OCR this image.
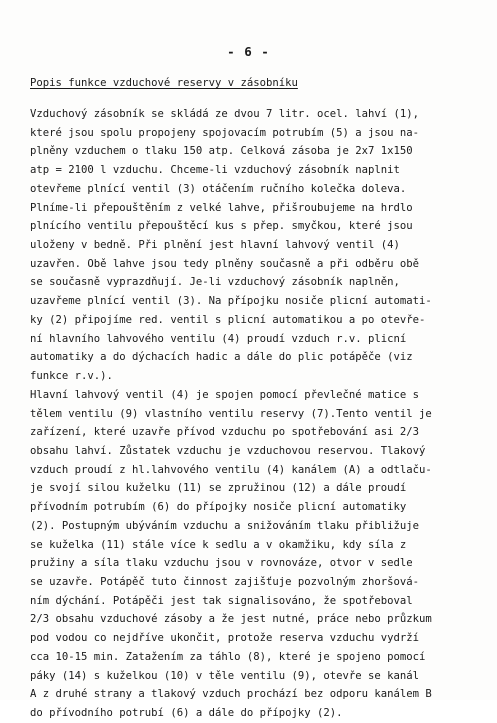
- 6 -
Popis funkce vzduchové reservy v zásobníku
Vzduchový zásobník se skládá ze dvou 7 litr. ocel. lahví (1),
které jsou spolu propojeny spojovacím potrubím (5) a jsou na-
plněny vzduchem o tlaku 150 atp. Celková zásoba je 2x7 1x150
atp = 2100 l vzduchu. Chceme-li vzduchový zásobník naplnit
otevřeme plnící ventil (3) otáčením ručního kolečka doleva.
Plníme-li přepouštěním z velké lahve, přišroubujeme na hrdlo
plnícího ventilu přepouštěcí kus s přep. smyčkou, které jsou
uloženy v bedně. Při plnění jest hlavní lahvový ventil (4)
uzavřen. Obě lahve jsou tedy plněny současně a při odběru obě
se současně vyprazdňují. Je-li vzduchový zásobník naplněn,
uzavřeme plnící ventil (3). Na přípojku nosiče plicní automati-
ky (2) připojíme red. ventil s plicní automatikou a po otevře-
ní hlavního lahvového ventilu (4) proudí vzduch r.v. plicní
automatiky a do dýchacích hadic a dále do plic potápěče (viz
funkce r.v.).
Hlavní lahvový ventil (4) je spojen pomocí převlečné matice s
tělem ventilu (9) vlastního ventilu reservy (7).Tento ventil je
zařízení, které uzavře přívod vzduchu po spotřebování asi 2/3
obsahu lahví. Zůstatek vzduchu je vzduchovou reservou. Tlakový
vzduch proudí z hl.lahvového ventilu (4) kanálem (A) a odtlaču-
je svojí silou kuželku (11) se zpružinou (12) a dále proudí
přívodním potrubím (6) do přípojky nosiče plicní automatiky
(2). Postupným ubýváním vzduchu a snižováním tlaku přibližuje
se kuželka (11) stále více k sedlu a v okamžiku, kdy síla z
pružiny a síla tlaku vzduchu jsou v rovnováze, otvor v sedle
se uzavře. Potápěč tuto činnost zajišťuje pozvolným zhoršová-
ním dýchání. Potápěči jest tak signalisováno, že spotřeboval
2/3 obsahu vzduchové zásoby a že jest nutné, práce nebo průzkum
pod vodou co nejdříve ukončit, protože reserva vzduchu vydrží
cca 10-15 min. Zatažením za táhlo (8), které je spojeno pomocí
páky (14) s kuželkou (10) v těle ventilu (9), otevře se kanál
A z druhé strany a tlakový vzduch prochází bez odporu kanálem B
do přívodního potrubí (6) a dále do přípojky (2).
